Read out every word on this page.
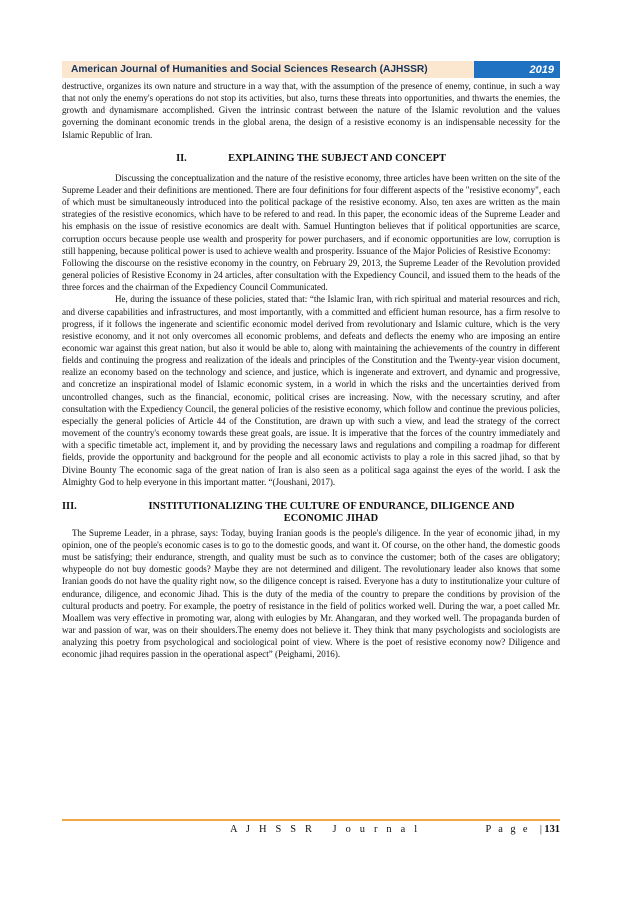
American Journal of Humanities and Social Sciences Research (AJHSSR)	2019

destructive, organizes its own nature and structure in a way that, with the assumption of the presence of enemy, continue, in such a way that not only the enemy's operations do not stop its activities, but also, turns these threats into opportunities, and thwarts the enemies, the growth and dynamismare accomplished. Given the intrinsic contrast between the nature of the Islamic revolution and the values governing the dominant economic trends in the global arena, the design of a resistive economy is an indispensable necessity for the Islamic Republic of Iran.

II.	EXPLAINING THE SUBJECT AND CONCEPT

Discussing the conceptualization and the nature of the resistive economy, three articles have been written on the site of the Supreme Leader and their definitions are mentioned. There are four definitions for four different aspects of the "resistive economy", each of which must be simultaneously introduced into the political package of the resistive economy. Also, ten axes are written as the main strategies of the resistive economics, which have to be refered to and read. In this paper, the economic ideas of the Supreme Leader and his emphasis on the issue of resistive economics are dealt with. Samuel Huntington believes that if political opportunities are scarce, corruption occurs because people use wealth and prosperity for power purchasers, and if economic opportunities are low, corruption is still happening, because political power is used to achieve wealth and prosperity. Issuance of the Major Policies of Resistive Economy:

Following the discourse on the resistive economy in the country, on February 29, 2013, the Supreme Leader of the Revolution provided general policies of Resistive Economy in 24 articles, after consultation with the Expediency Council, and issued them to the heads of the three forces and the chairman of the Expediency Council Communicated.

He, during the issuance of these policies, stated that: “the Islamic Iran, with rich spiritual and material resources and rich, and diverse capabilities and infrastructures, and most importantly, with a committed and efficient human resource, has a firm resolve to progress, if it follows the ingenerate and scientific economic model derived from revolutionary and Islamic culture, which is the very resistive economy, and it not only overcomes all economic problems, and defeats and deflects the enemy who are imposing an entire economic war against this great nation, but also it would be able to, along with maintaining the achievements of the country in different fields and continuing the progress and realization of the ideals and principles of the Constitution and the Twenty-year vision document, realize an economy based on the technology and science, and justice, which is ingenerate and extrovert, and dynamic and progressive, and concretize an inspirational model of Islamic economic system, in a world in which the risks and the uncertainties derived from uncontrolled changes, such as the financial, economic, political crises are increasing. Now, with the necessary scrutiny, and after consultation with the Expediency Council, the general policies of the resistive economy, which follow and continue the previous policies, especially the general policies of Article 44 of the Constitution, are drawn up with such a view, and lead the strategy of the correct movement of the country's economy towards these great goals, are issue. It is imperative that the forces of the country immediately and with a specific timetable act, implement it, and by providing the necessary laws and regulations and compiling a roadmap for different fields, provide the opportunity and background for the people and all economic activists to play a role in this sacred jihad, so that by Divine Bounty The economic saga of the great nation of Iran is also seen as a political saga against the eyes of the world. I ask the Almighty God to help everyone in this important matter. “(Joushani, 2017).

III.	INSTITUTIONALIZING THE CULTURE OF ENDURANCE, DILIGENCE AND
ECONOMIC JIHAD

The Supreme Leader, in a phrase, says: Today, buying Iranian goods is the people's diligence. In the year of economic jihad, in my opinion, one of the people's economic cases is to go to the domestic goods, and want it. Of course, on the other hand, the domestic goods must be satisfying; their endurance, strength, and quality must be such as to convince the customer; both of the cases are obligatory; whypeople do not buy domestic goods? Maybe they are not determined and diligent. The revolutionary leader also knows that some Iranian goods do not have the quality right now, so the diligence concept is raised. Everyone has a duty to institutionalize your culture of endurance, diligence, and economic Jihad. This is the duty of the media of the country to prepare the conditions by provision of the cultural products and poetry. For example, the poetry of resistance in the field of politics worked well. During the war, a poet called Mr. Moallem was very effective in promoting war, along with eulogies by Mr. Ahangaran, and they worked well. The propaganda burden of war and passion of war, was on their shoulders.The enemy does not believe it. They think that many psychologists and sociologists are analyzing this poetry from psychological and sociological point of view. Where is the poet of resistive economy now? Diligence and economic jihad requires passion in the operational aspect” (Peighami, 2016).

A J H S S R   J o u r n a l	P a g e  |131
